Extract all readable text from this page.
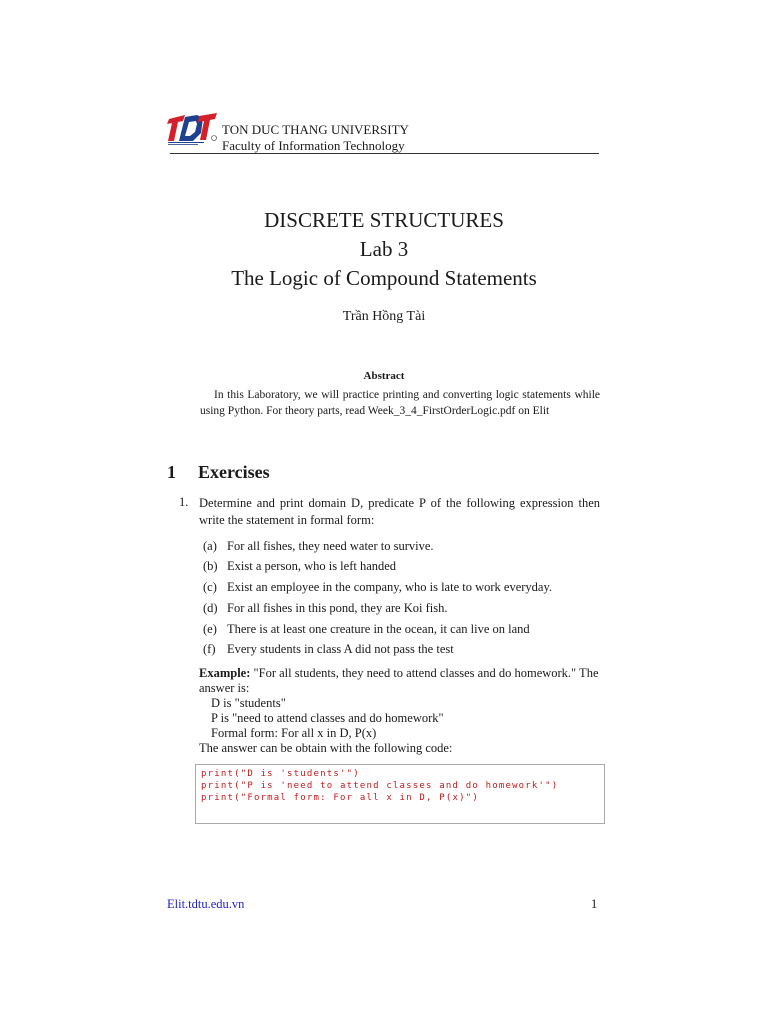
TON DUC THANG UNIVERSITY
Faculty of Information Technology
DISCRETE STRUCTURES
Lab 3
The Logic of Compound Statements
Trần Hồng Tài
Abstract

In this Laboratory, we will practice printing and converting logic statements while using Python. For theory parts, read Week_3_4_FirstOrderLogic.pdf on Elit

1 Exercises
1. Determine and print domain D, predicate P of the following expression then write the statement in formal form:
(a) For all fishes, they need water to survive.
(b) Exist a person, who is left handed
(c) Exist an employee in the company, who is late to work everyday.
(d) For all fishes in this pond, they are Koi fish.
(e) There is at least one creature in the ocean, it can live on land
(f) Every students in class A did not pass the test
Example: "For all students, they need to attend classes and do homework." The answer is:
D is "students"
P is "need to attend classes and do homework"
Formal form: For all x in D, P(x)
The answer can be obtain with the following code:
print("D is 'students'")
print("P is 'need to attend classes and do homework'")
print("Formal form: For all x in D, P(x)")
Elit.tdtu.edu.vn	1
